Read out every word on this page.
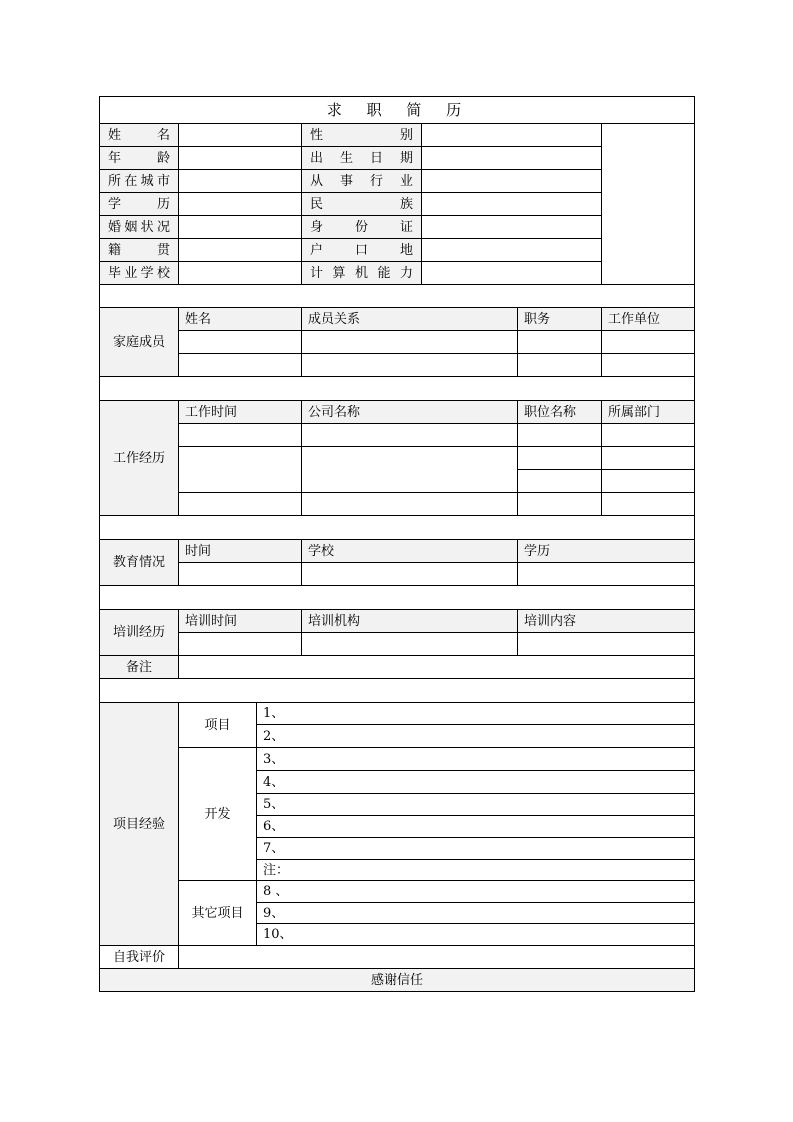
求 职 简 历						
姓　　名			性　　别			
年　　龄			出 生 日 期			
所在城市			从 事 行 业			
学　　历			民　　族			
婚姻状况			身 份 证			
籍　　贯			户 口 地			
毕业学校			计算机能力			

家庭成员	姓名		成员关系		职务	工作单位

工作经历	工作时间		公司名称		职位名称	所属部门

教育情况	时间		学校		学历	

培训经历	培训时间		培训机构		培训内容	

备注						

项目经验	项目	1、				
		2、				
	开发	3、				
		4、				
		5、				
		6、				
		7、				
		注：				
	其它项目	8 、				
		9、				
		10、				
自我评价						
感谢信任						
